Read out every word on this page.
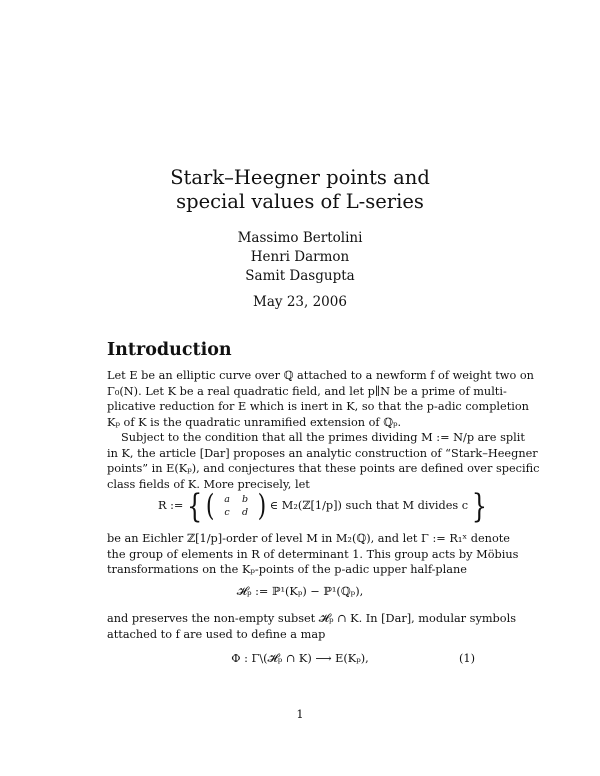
Stark–Heegner points and
special values of L-series
Massimo Bertolini
Henri Darmon
Samit Dasgupta
May 23, 2006
Introduction
Let E be an elliptic curve over ℚ attached to a newform f of weight two on
Γ₀(N). Let K be a real quadratic field, and let p∥N be a prime of multi-
plicative reduction for E which is inert in K, so that the p-adic completion
Kₚ of K is the quadratic unramified extension of ℚₚ.
Subject to the condition that all the primes dividing M := N/p are split
in K, the article [Dar] proposes an analytic construction of “Stark–Heegner
points” in E(Kₚ), and conjectures that these points are defined over specific
class fields of K. More precisely, let
R := { ( a b
c d ) ∈ M₂(ℤ[1/p]) such that M divides c }
be an Eichler ℤ[1/p]-order of level M in M₂(ℚ), and let Γ := R₁ˣ denote
the group of elements in R of determinant 1. This group acts by Möbius
transformations on the Kₚ-points of the p-adic upper half-plane
𝓗ₚ := ℙ¹(Kₚ) − ℙ¹(ℚₚ),
and preserves the non-empty subset 𝓗ₚ ∩ K. In [Dar], modular symbols
attached to f are used to define a map
Φ : Γ\(𝓗ₚ ∩ K) ⟶ E(Kₚ),	(1)
1
